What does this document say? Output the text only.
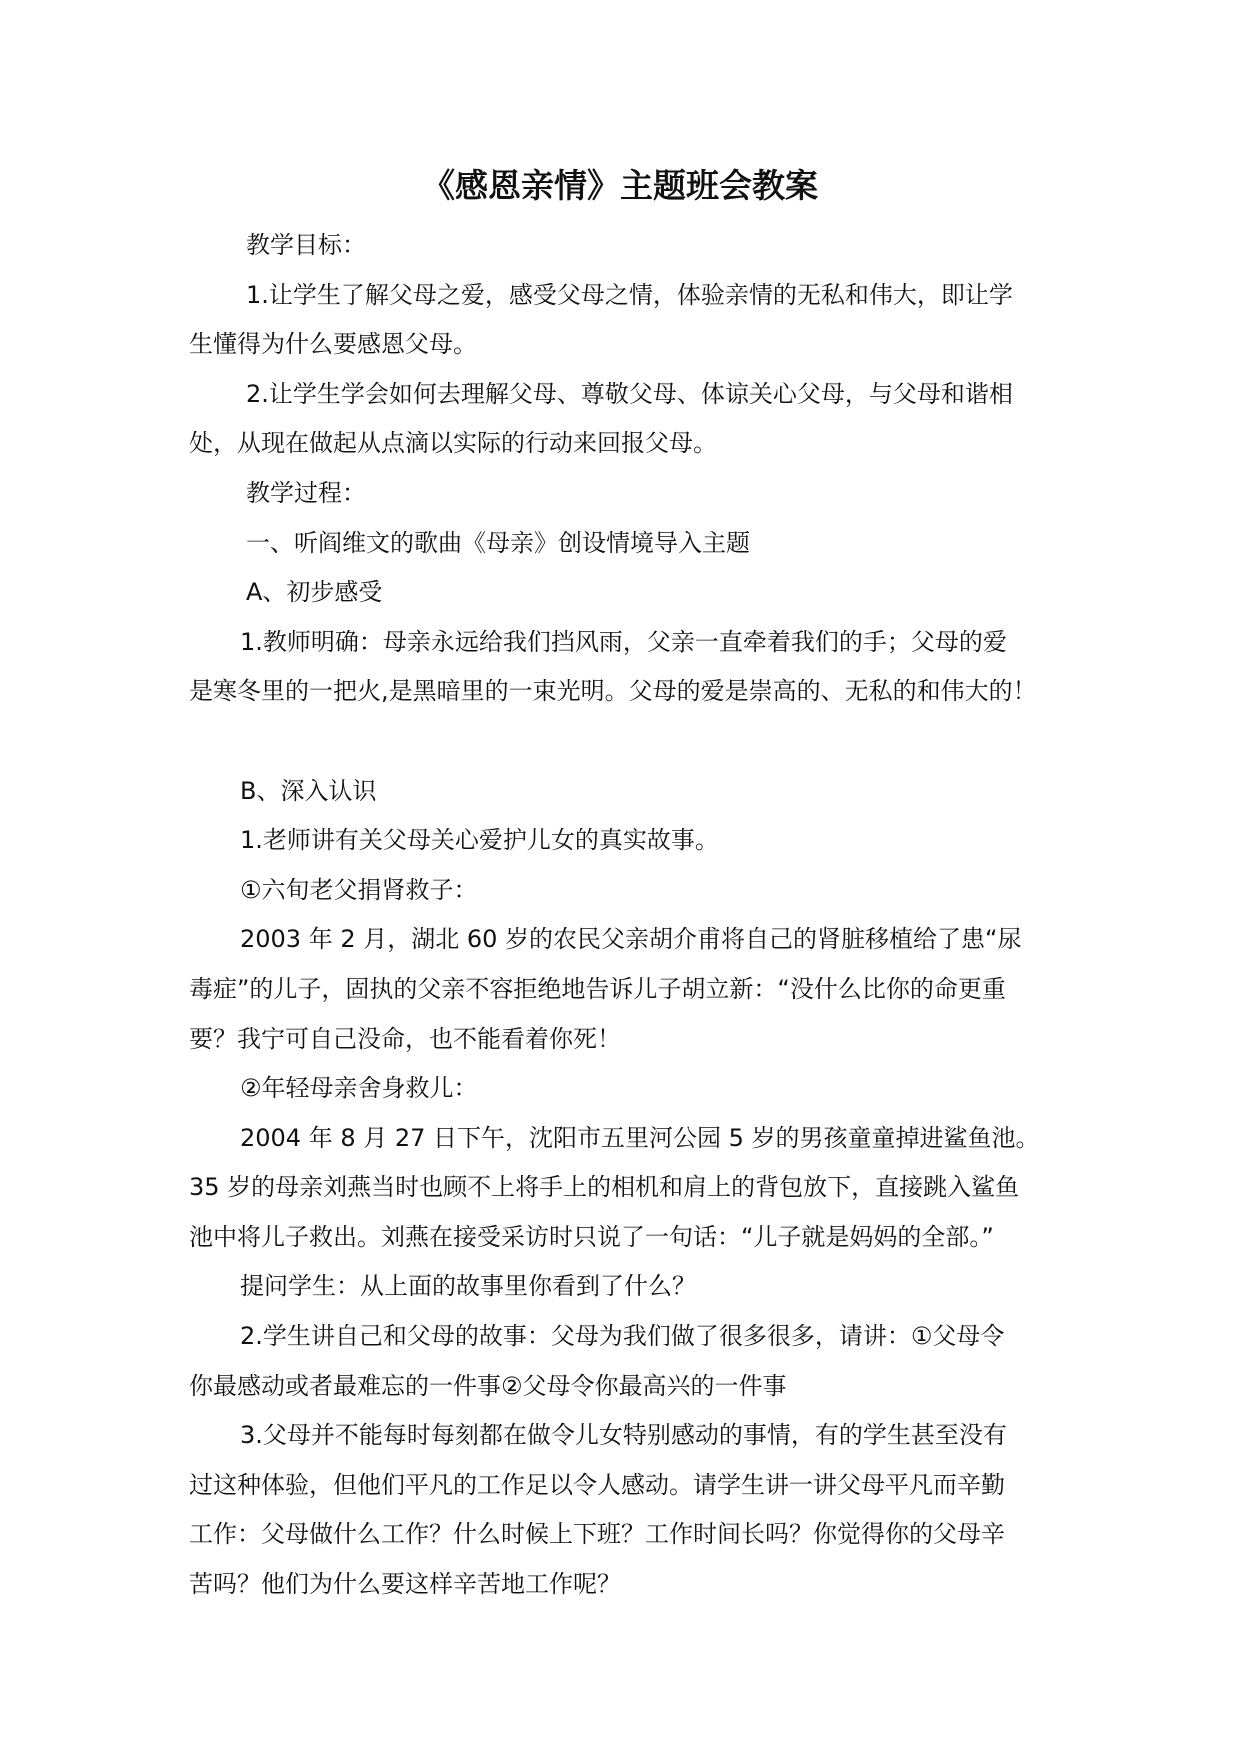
《感恩亲情》主题班会教案
教学目标：
1.让学生了解父母之爱，感受父母之情，体验亲情的无私和伟大，即让学
生懂得为什么要感恩父母。
2.让学生学会如何去理解父母、尊敬父母、体谅关心父母，与父母和谐相
处，从现在做起从点滴以实际的行动来回报父母。
教学过程：
一、听阎维文的歌曲《母亲》创设情境导入主题
A、初步感受
1.教师明确：母亲永远给我们挡风雨，父亲一直牵着我们的手；父母的爱
是寒冬里的一把火,是黑暗里的一束光明。父母的爱是崇高的、无私的和伟大的！
B、深入认识
1.老师讲有关父母关心爱护儿女的真实故事。
①六旬老父捐肾救子：
2003 年 2 月，湖北 60 岁的农民父亲胡介甫将自己的肾脏移植给了患“尿
毒症”的儿子，固执的父亲不容拒绝地告诉儿子胡立新：“没什么比你的命更重
要？我宁可自己没命，也不能看着你死！
②年轻母亲舍身救儿：
2004 年 8 月 27 日下午，沈阳市五里河公园 5 岁的男孩童童掉进鲨鱼池。
35 岁的母亲刘燕当时也顾不上将手上的相机和肩上的背包放下，直接跳入鲨鱼
池中将儿子救出。刘燕在接受采访时只说了一句话：“儿子就是妈妈的全部。”
提问学生：从上面的故事里你看到了什么？
2.学生讲自己和父母的故事：父母为我们做了很多很多，请讲：①父母令
你最感动或者最难忘的一件事②父母令你最高兴的一件事
3.父母并不能每时每刻都在做令儿女特别感动的事情，有的学生甚至没有
过这种体验，但他们平凡的工作足以令人感动。请学生讲一讲父母平凡而辛勤
工作：父母做什么工作？什么时候上下班？工作时间长吗？你觉得你的父母辛
苦吗？他们为什么要这样辛苦地工作呢？
